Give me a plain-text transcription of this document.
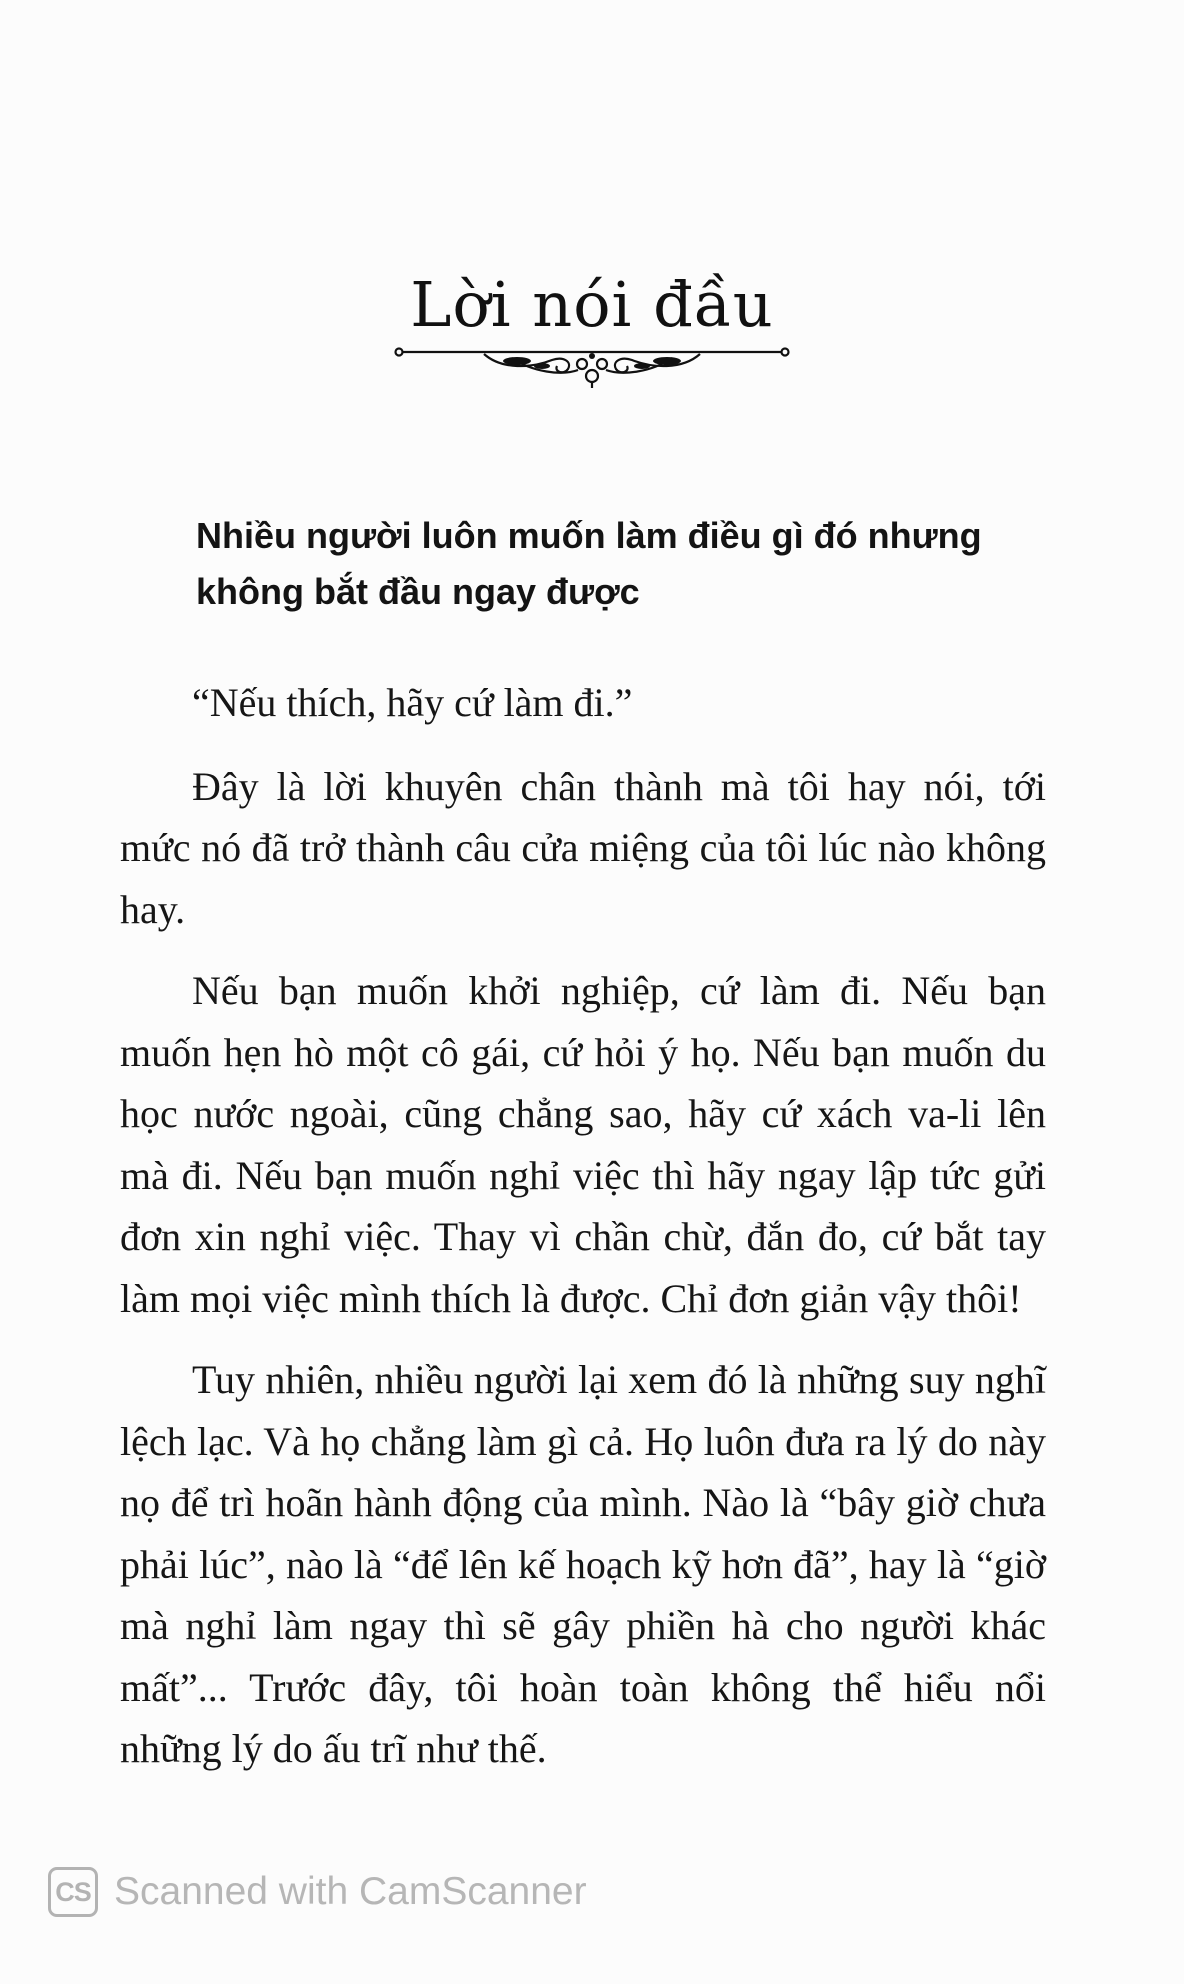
Lời nói đầu

Nhiều người luôn muốn làm điều gì đó nhưng không bắt đầu ngay được

“Nếu thích, hãy cứ làm đi.”

Đây là lời khuyên chân thành mà tôi hay nói, tới mức nó đã trở thành câu cửa miệng của tôi lúc nào không hay.

Nếu bạn muốn khởi nghiệp, cứ làm đi. Nếu bạn muốn hẹn hò một cô gái, cứ hỏi ý họ. Nếu bạn muốn du học nước ngoài, cũng chẳng sao, hãy cứ xách va-li lên mà đi. Nếu bạn muốn nghỉ việc thì hãy ngay lập tức gửi đơn xin nghỉ việc. Thay vì chần chừ, đắn đo, cứ bắt tay làm mọi việc mình thích là được. Chỉ đơn giản vậy thôi!

Tuy nhiên, nhiều người lại xem đó là những suy nghĩ lệch lạc. Và họ chẳng làm gì cả. Họ luôn đưa ra lý do này nọ để trì hoãn hành động của mình. Nào là “bây giờ chưa phải lúc”, nào là “để lên kế hoạch kỹ hơn đã”, hay là “giờ mà nghỉ làm ngay thì sẽ gây phiền hà cho người khác mất”... Trước đây, tôi hoàn toàn không thể hiểu nổi những lý do ấu trĩ như thế.

CS Scanned with CamScanner
